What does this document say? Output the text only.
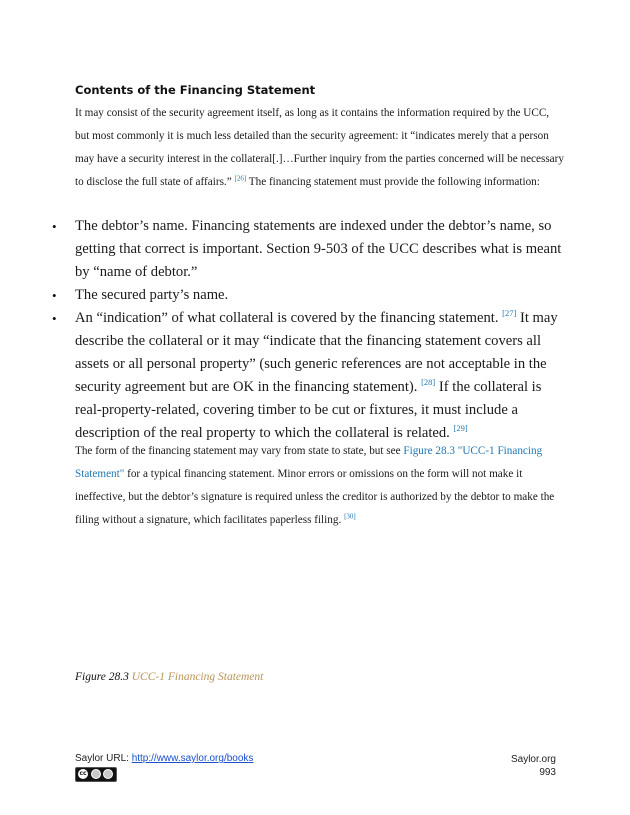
Contents of the Financing Statement
It may consist of the security agreement itself, as long as it contains the information required by the UCC, but most commonly it is much less detailed than the security agreement: it “indicates merely that a person may have a security interest in the collateral[.]…Further inquiry from the parties concerned will be necessary to disclose the full state of affairs.” [26] The financing statement must provide the following information:
• The debtor’s name. Financing statements are indexed under the debtor’s name, so getting that correct is important. Section 9-503 of the UCC describes what is meant by “name of debtor.”
• The secured party’s name.
• An “indication” of what collateral is covered by the financing statement. [27] It may describe the collateral or it may “indicate that the financing statement covers all assets or all personal property” (such generic references are not acceptable in the security agreement but are OK in the financing statement). [28] If the collateral is real-property-related, covering timber to be cut or fixtures, it must include a description of the real property to which the collateral is related. [29]
The form of the financing statement may vary from state to state, but see Figure 28.3 "UCC-1 Financing Statement" for a typical financing statement. Minor errors or omissions on the form will not make it ineffective, but the debtor’s signature is required unless the creditor is authorized by the debtor to make the filing without a signature, which facilitates paperless filing. [30]
Figure 28.3 UCC-1 Financing Statement
Saylor URL: http://www.saylor.org/books
cc
Saylor.org
993
